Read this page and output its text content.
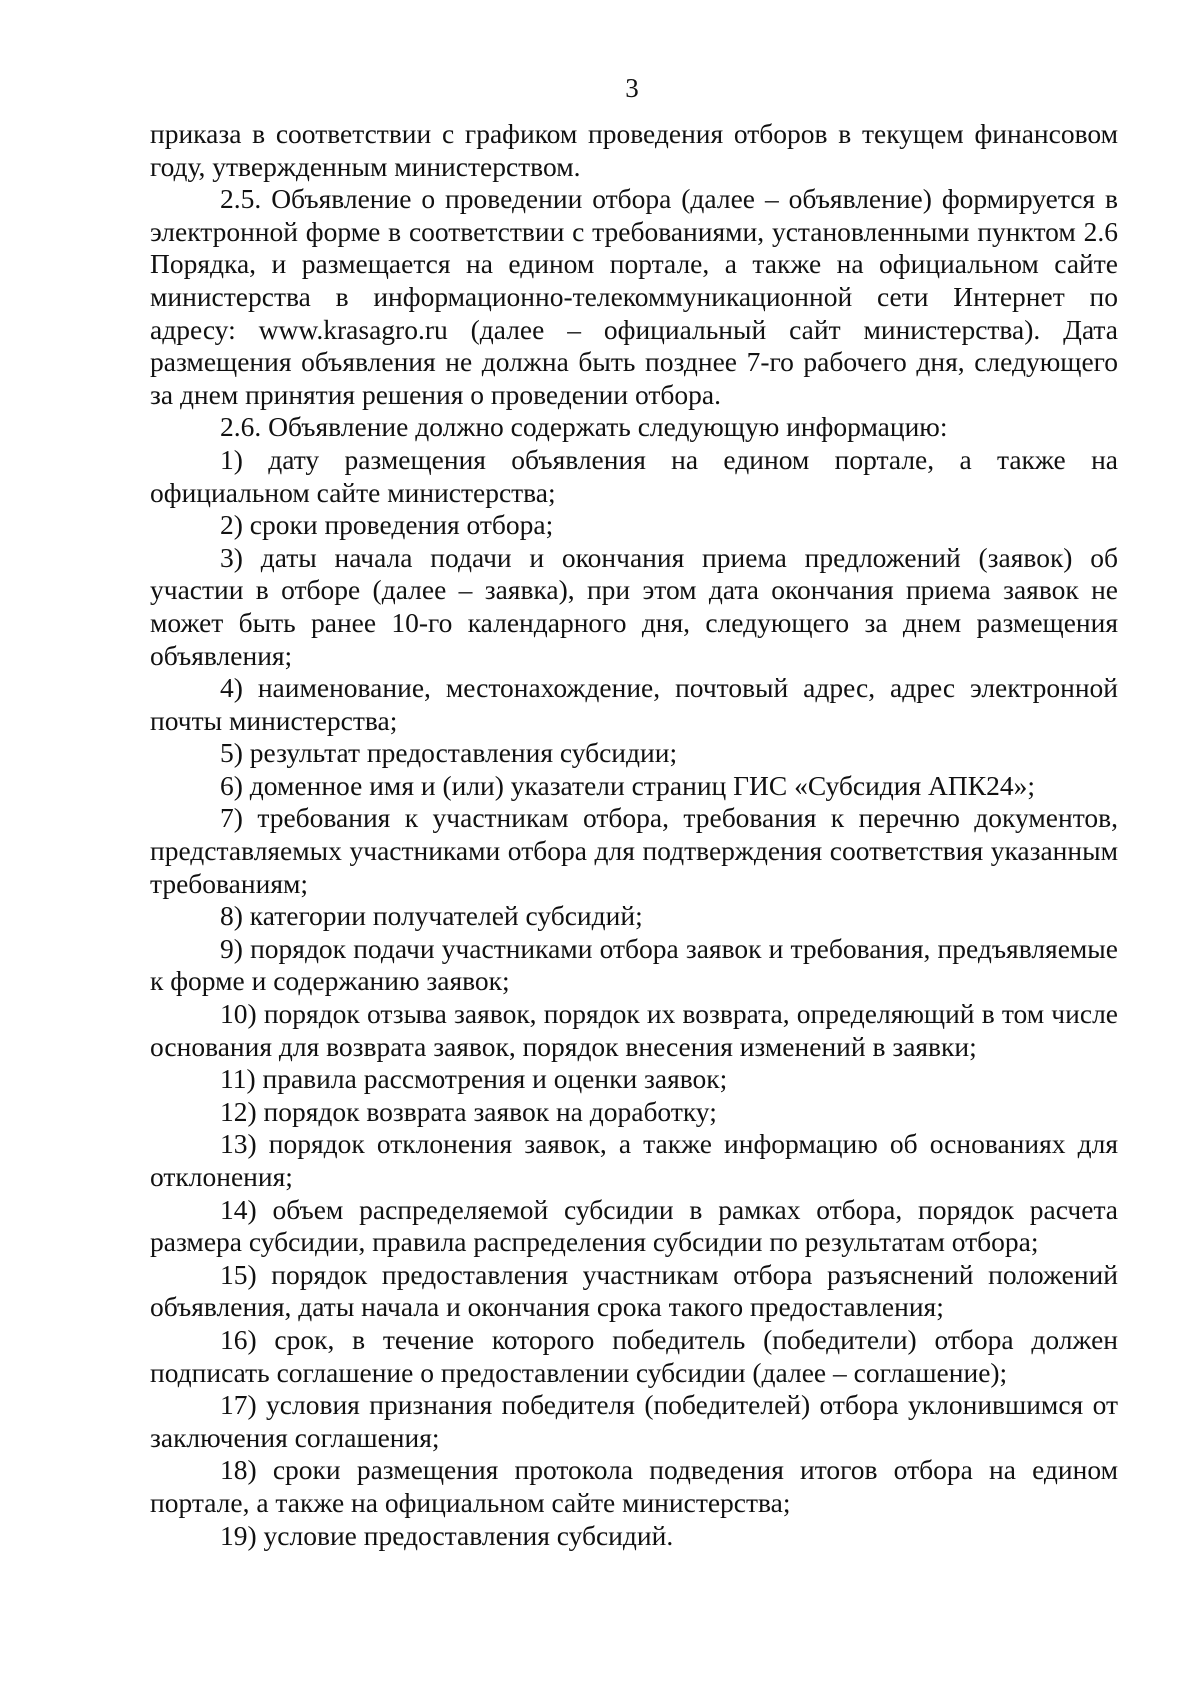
3

приказа в соответствии с графиком проведения отборов в текущем финансовом году, утвержденным министерством.

2.5. Объявление о проведении отбора (далее – объявление) формируется в электронной форме в соответствии с требованиями, установленными пунктом 2.6 Порядка, и размещается на едином портале, а также на официальном сайте министерства в информационно-телекоммуникационной сети Интернет по адресу: www.krasagro.ru (далее – официальный сайт министерства). Дата размещения объявления не должна быть позднее 7-го рабочего дня, следующего за днем принятия решения о проведении отбора.

2.6. Объявление должно содержать следующую информацию:

1) дату размещения объявления на едином портале, а также на официальном сайте министерства;

2) сроки проведения отбора;

3) даты начала подачи и окончания приема предложений (заявок) об участии в отборе (далее – заявка), при этом дата окончания приема заявок не может быть ранее 10-го календарного дня, следующего за днем размещения объявления;

4) наименование, местонахождение, почтовый адрес, адрес электронной почты министерства;

5) результат предоставления субсидии;

6) доменное имя и (или) указатели страниц ГИС «Субсидия АПК24»;

7) требования к участникам отбора, требования к перечню документов, представляемых участниками отбора для подтверждения соответствия указанным требованиям;

8) категории получателей субсидий;

9) порядок подачи участниками отбора заявок и требования, предъявляемые к форме и содержанию заявок;

10) порядок отзыва заявок, порядок их возврата, определяющий в том числе основания для возврата заявок, порядок внесения изменений в заявки;

11) правила рассмотрения и оценки заявок;

12) порядок возврата заявок на доработку;

13) порядок отклонения заявок, а также информацию об основаниях для отклонения;

14) объем распределяемой субсидии в рамках отбора, порядок расчета размера субсидии, правила распределения субсидии по результатам отбора;

15) порядок предоставления участникам отбора разъяснений положений объявления, даты начала и окончания срока такого предоставления;

16) срок, в течение которого победитель (победители) отбора должен подписать соглашение о предоставлении субсидии (далее – соглашение);

17) условия признания победителя (победителей) отбора уклонившимся от заключения соглашения;

18) сроки размещения протокола подведения итогов отбора на едином портале, а также на официальном сайте министерства;

19) условие предоставления субсидий.
